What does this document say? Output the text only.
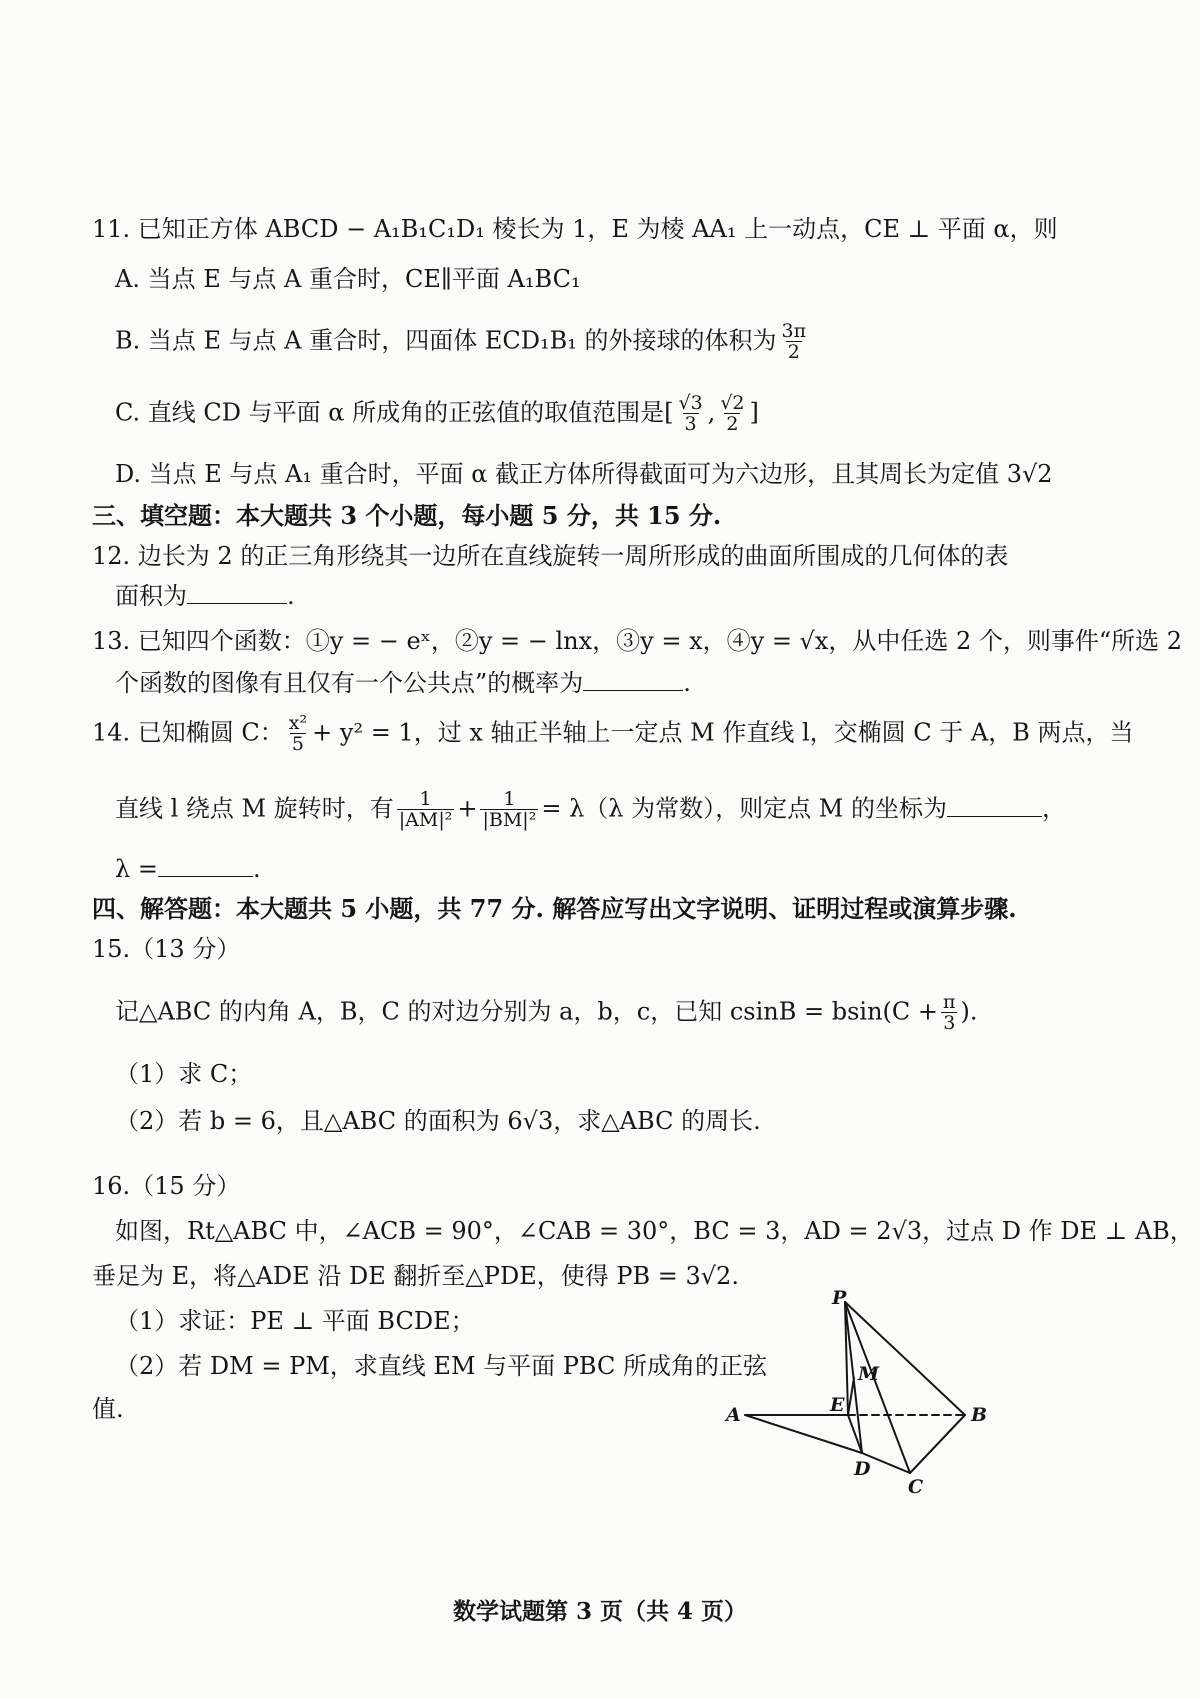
11. 已知正方体 ABCD − A₁B₁C₁D₁ 棱长为 1，E 为棱 AA₁ 上一动点，CE ⊥ 平面 α，则
A. 当点 E 与点 A 重合时，CE∥平面 A₁BC₁
B. 当点 E 与点 A 重合时，四面体 ECD₁B₁ 的外接球的体积为 $\frac{3\pi}{2}$
C. 直线 CD 与平面 α 所成角的正弦值的取值范围是[ $\frac{√3}{3}$ , $\frac{√2}{2}$ ]
D. 当点 E 与点 A₁ 重合时，平面 α 截正方体所得截面可为六边形，且其周长为定值 3√2
三、填空题：本大题共 3 个小题，每小题 5 分，共 15 分.
12. 边长为 2 的正三角形绕其一边所在直线旋转一周所形成的曲面所围成的几何体的表
面积为	.
13. 已知四个函数：①y = − eˣ，②y = − lnx，③y = x，④y = √x，从中任选 2 个，则事件“所选 2
个函数的图像有且仅有一个公共点”的概率为	.
14. 已知椭圆 C： $\frac{\text{x²}}{5} + y^2 = 1$，过 x 轴正半轴上一定点 M 作直线 l，交椭圆 C 于 A，B 两点，当
直线 l 绕点 M 旋转时，有 $\frac{1}{\text{|AM|²}} + \frac{1}{\text{|BM|²}} = \lambda(\lambda$ 为常数），则定点 M 的坐标为	，
λ =	.
四、解答题：本大题共 5 小题，共 77 分. 解答应写出文字说明、证明过程或演算步骤.
15.（13 分）
记△ABC 的内角 A，B，C 的对边分别为 a，b，c，已知 $csinB = bsin(C + \frac{\pi}{3}$ ).
（1）求 C；
（2）若 b = 6，且△ABC 的面积为 6√3，求△ABC 的周长.
16.（15 分）
如图，Rt△ABC 中，∠ACB = 90°，∠CAB = 30°，BC = 3，AD = 2√3，过点 D 作 DE ⊥ AB，
垂足为 E，将△ADE 沿 DE 翻折至△PDE，使得 PB = 3√2.
（1）求证：PE ⊥ 平面 BCDE；
（2）若 DM = PM，求直线 EM 与平面 PBC 所成角的正弦
值.
P
M
E
A	B
D
C
数学试题第 3 页（共 4 页）
